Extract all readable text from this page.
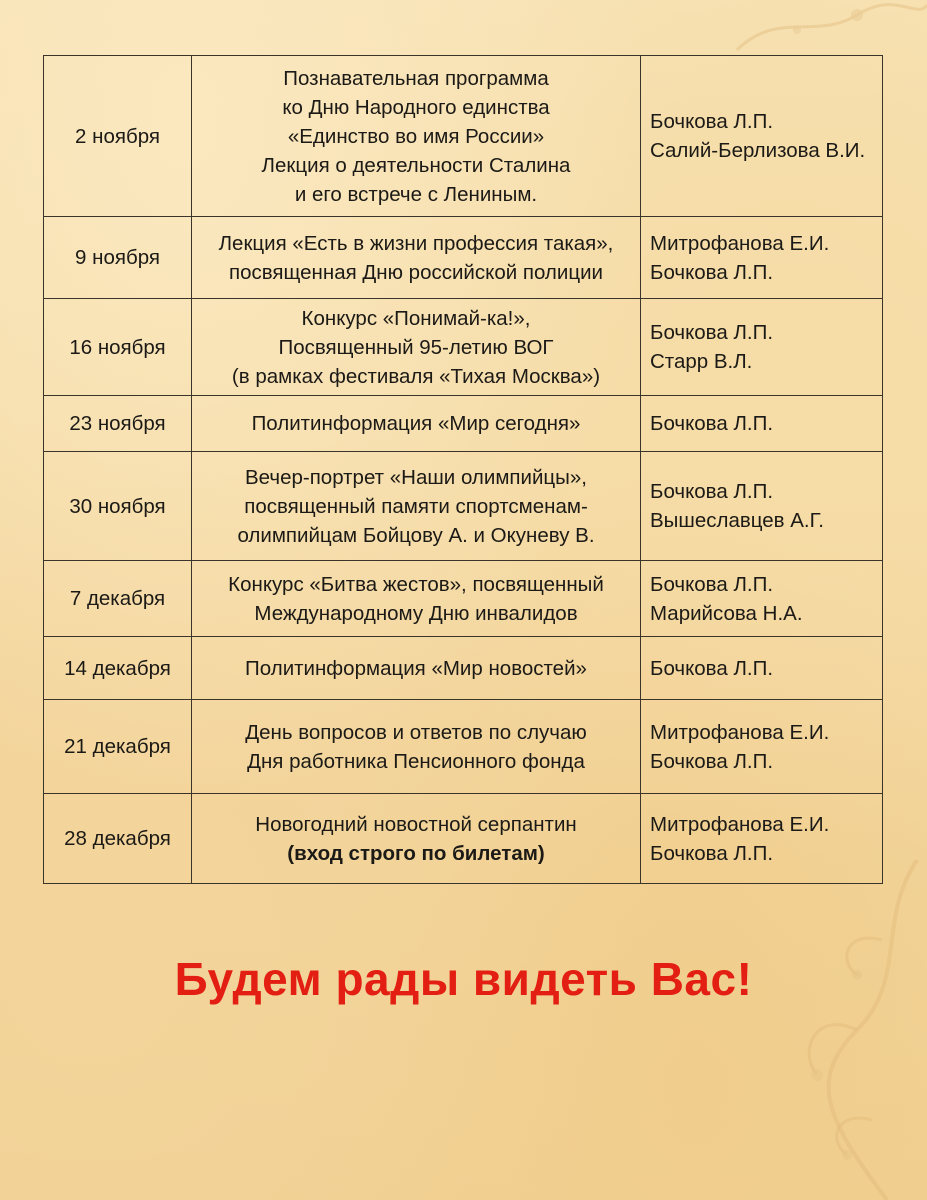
2 ноября	Познавательная программа
ко Дню Народного единства
«Единство во имя России»
Лекция о деятельности Сталина
и его встрече с Лениным.	Бочкова Л.П.
Салий-Берлизова В.И.

9 ноября	Лекция «Есть в жизни профессия такая»,
посвященная Дню российской полиции	Митрофанова Е.И.
Бочкова Л.П.

16 ноября	Конкурс «Понимай-ка!»,
Посвященный 95-летию ВОГ
(в рамках фестиваля «Тихая Москва»)	Бочкова Л.П.
Старр В.Л.

23 ноября	Политинформация «Мир сегодня»	Бочкова Л.П.

30 ноября	Вечер-портрет «Наши олимпийцы»,
посвященный памяти спортсменам-
олимпийцам Бойцову А. и Окуневу В.	Бочкова Л.П.
Вышеславцев А.Г.

7 декабря	Конкурс «Битва жестов», посвященный
Международному Дню инвалидов	Бочкова Л.П.
Марийсова Н.А.

14 декабря	Политинформация «Мир новостей»	Бочкова Л.П.

21 декабря	День вопросов и ответов по случаю
Дня работника Пенсионного фонда	Митрофанова Е.И.
Бочкова Л.П.

28 декабря	Новогодний новостной серпантин
(вход строго по билетам)	Митрофанова Е.И.
Бочкова Л.П.
Будем рады видеть Вас!
